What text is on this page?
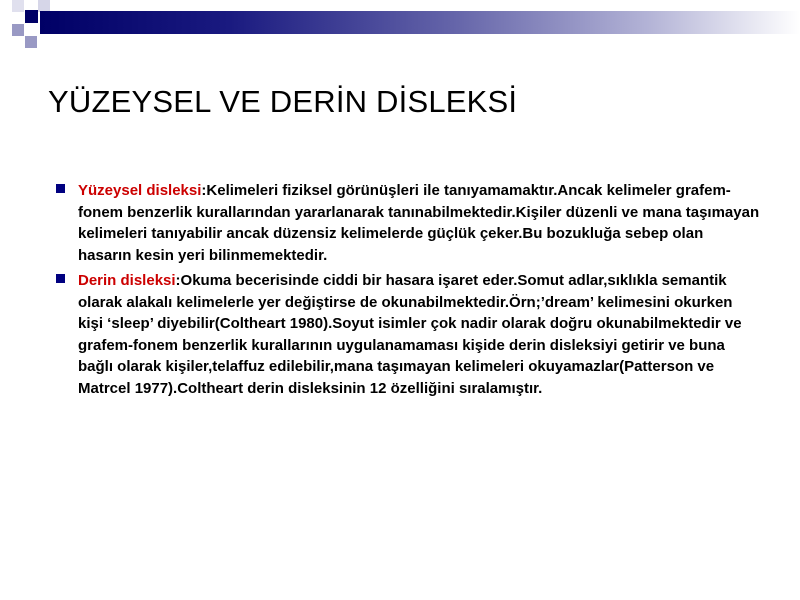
YÜZEYSEL VE DERİN DİSLEKSİ
Yüzeysel disleksi:Kelimeleri fiziksel görünüşleri ile tanıyamamaktır.Ancak kelimeler grafem-fonem benzerlik kurallarından yararlanarak tanınabilmektedir.Kişiler düzenli ve mana taşımayan kelimeleri tanıyabilir ancak düzensiz kelimelerde güçlük çeker.Bu bozukluğa sebep olan hasarın kesin yeri bilinmemektedir.
Derin disleksi:Okuma becerisinde ciddi bir hasara işaret eder.Somut adlar,sıklıkla semantik olarak alakalı kelimelerle yer değiştirse de okunabilmektedir.Örn;’dream’ kelimesini okurken kişi ‘sleep’ diyebilir(Coltheart 1980).Soyut isimler çok nadir olarak doğru okunabilmektedir ve grafem-fonem benzerlik kurallarının uygulanamaması kişide derin disleksiyi getirir ve buna bağlı olarak kişiler,telaffuz edilebilir,mana taşımayan kelimeleri okuyamazlar(Patterson ve Matrcel 1977).Coltheart derin disleksinin 12 özelliğini sıralamıştır.
